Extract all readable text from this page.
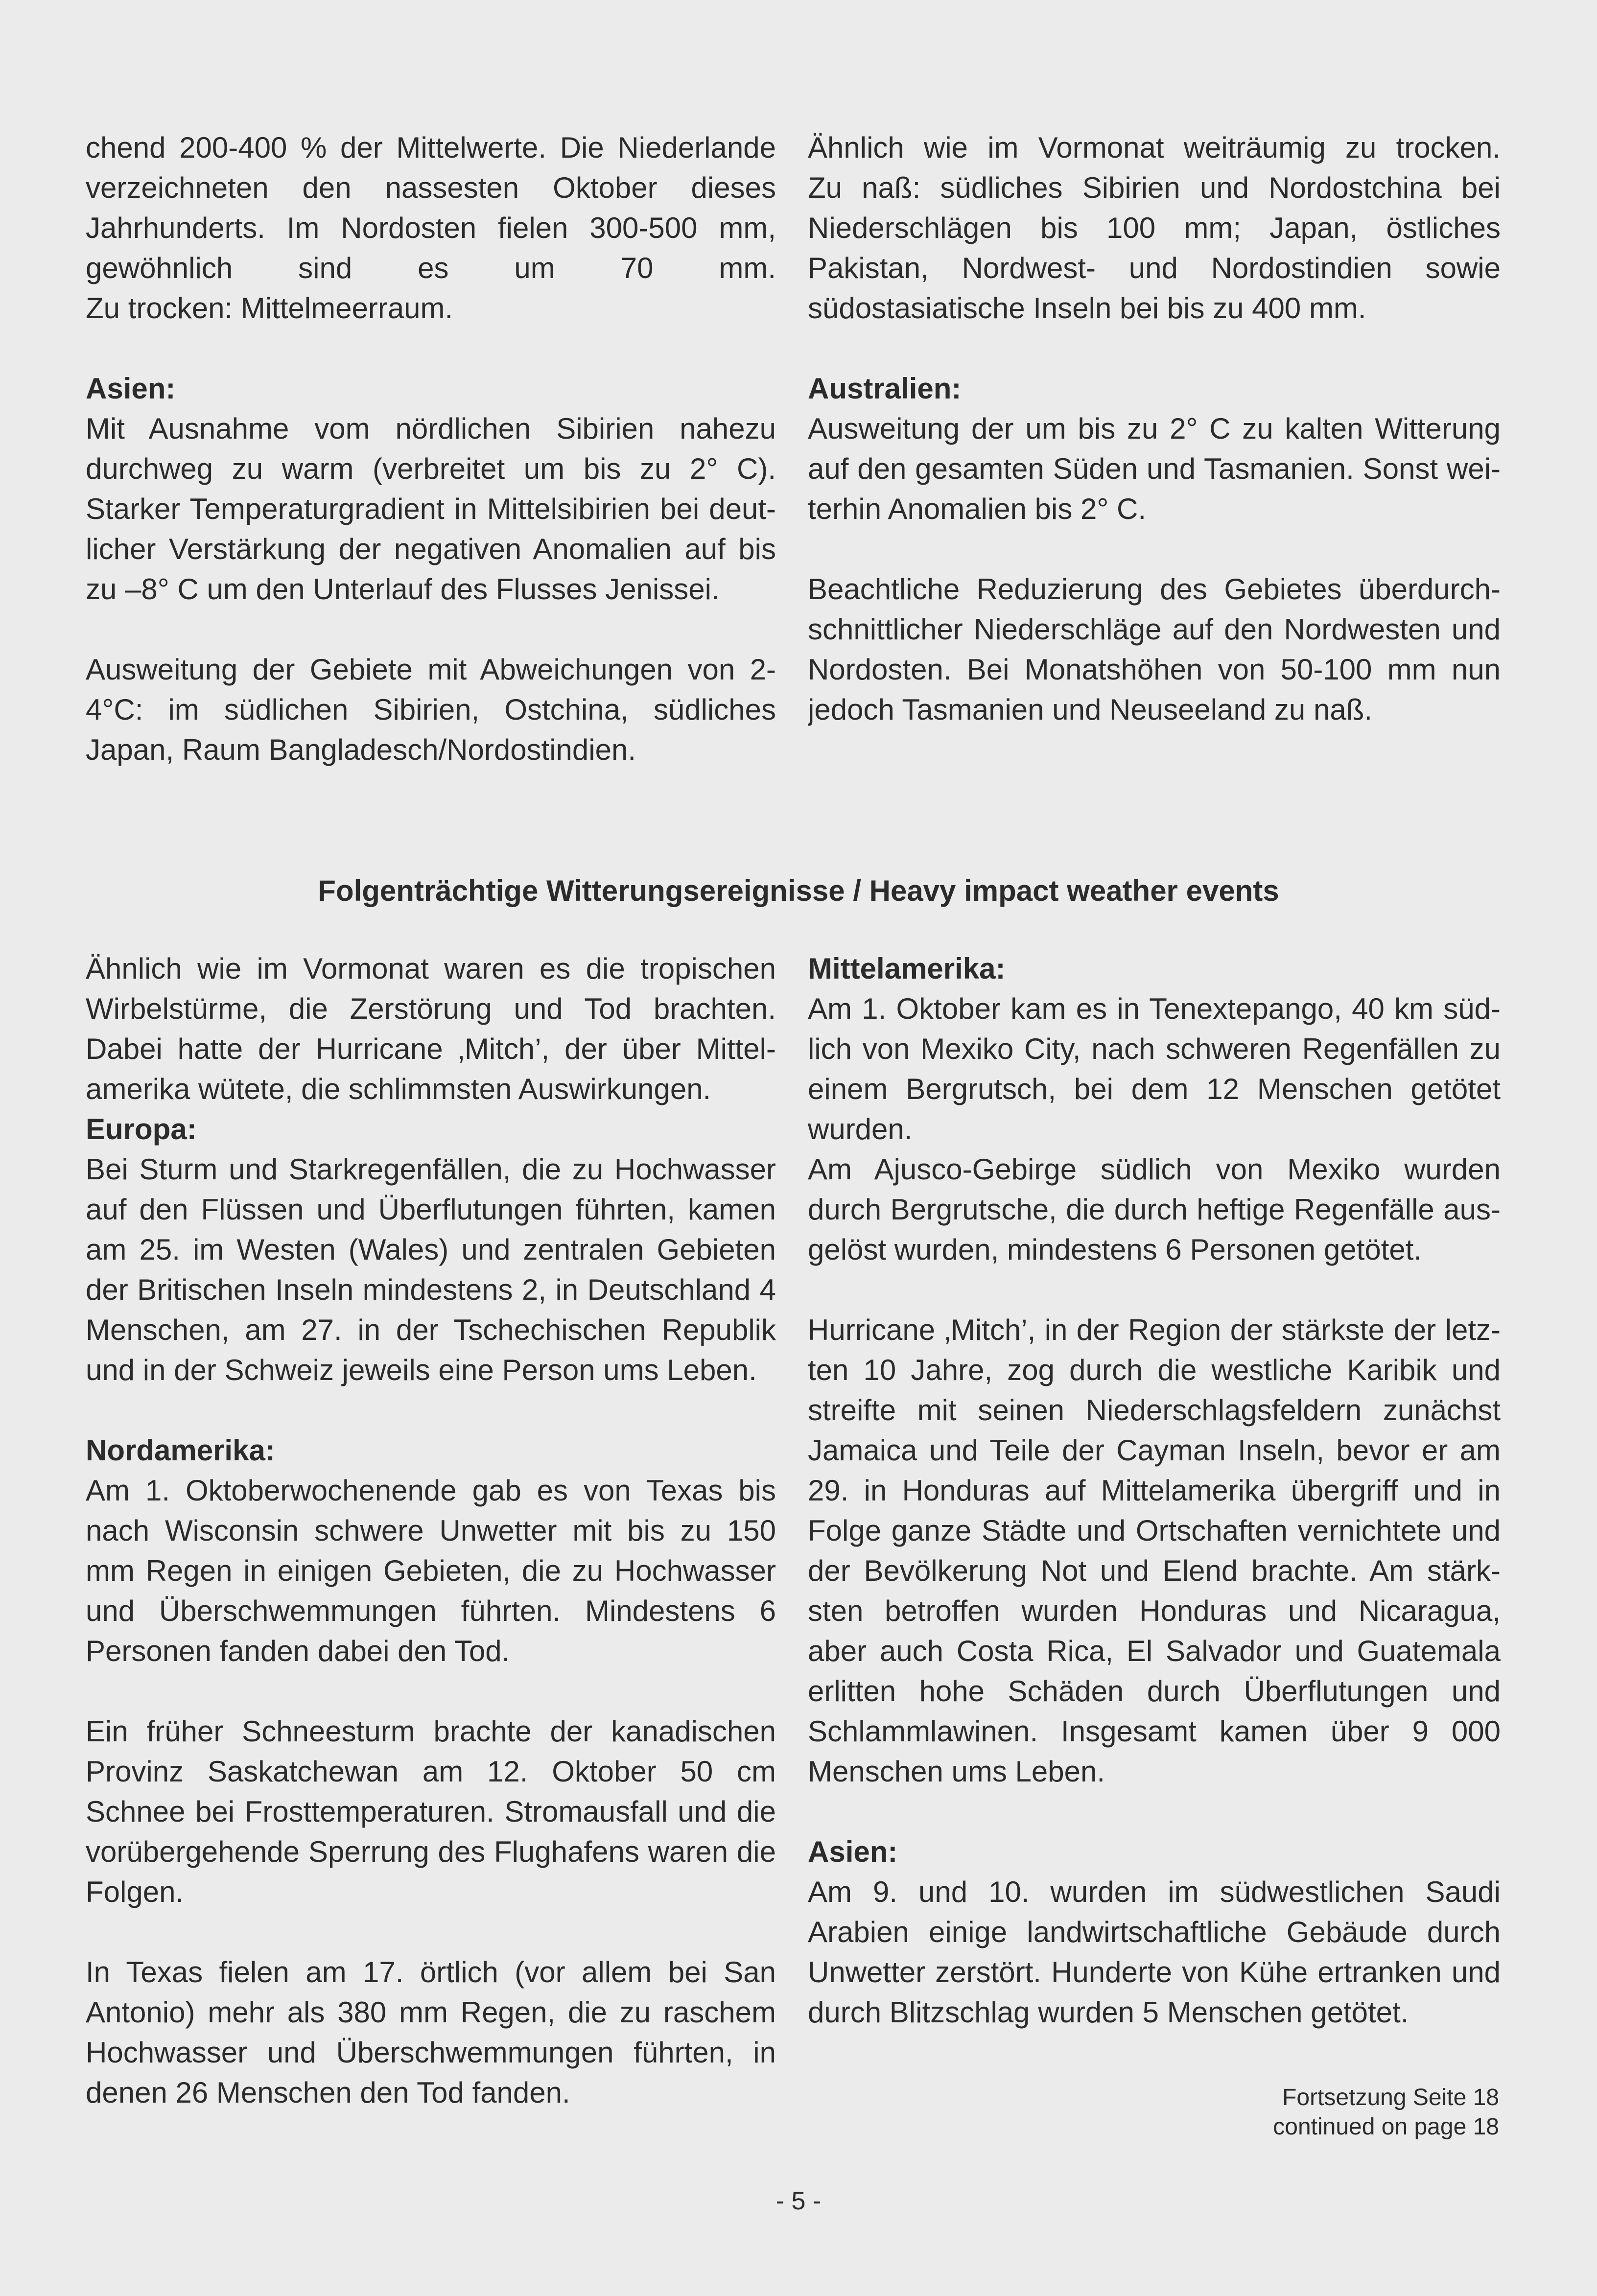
chend 200-400 % der Mittelwerte. Die Niederlande
verzeichneten den nassesten Oktober dieses
Jahrhunderts. Im Nordosten fielen 300-500 mm,
gewöhnlich sind es um 70 mm.
Zu trocken: Mittelmeerraum.
Asien:
Mit Ausnahme vom nördlichen Sibirien nahezu
durchweg zu warm (verbreitet um bis zu 2° C).
Starker Temperaturgradient in Mittelsibirien bei deut-
licher Verstärkung der negativen Anomalien auf bis
zu –8° C um den Unterlauf des Flusses Jenissei.
Ausweitung der Gebiete mit Abweichungen von 2-
4°C: im südlichen Sibirien, Ostchina, südliches
Japan, Raum Bangladesch/Nordostindien.
Ähnlich wie im Vormonat weiträumig zu trocken.
Zu naß: südliches Sibirien und Nordostchina bei
Niederschlägen bis 100 mm; Japan, östliches
Pakistan, Nordwest- und Nordostindien sowie
südostasiatische Inseln bei bis zu 400 mm.
Australien:
Ausweitung der um bis zu 2° C zu kalten Witterung
auf den gesamten Süden und Tasmanien. Sonst wei-
terhin Anomalien bis 2° C.
Beachtliche Reduzierung des Gebietes überdurch-
schnittlicher Niederschläge auf den Nordwesten und
Nordosten. Bei Monatshöhen von 50-100 mm nun
jedoch Tasmanien und Neuseeland zu naß.
Folgenträchtige Witterungsereignisse / Heavy impact weather events
Ähnlich wie im Vormonat waren es die tropischen
Wirbelstürme, die Zerstörung und Tod brachten.
Dabei hatte der Hurricane ‚Mitch’, der über Mittel-
amerika wütete, die schlimmsten Auswirkungen.
Europa:
Bei Sturm und Starkregenfällen, die zu Hochwasser
auf den Flüssen und Überflutungen führten, kamen
am 25. im Westen (Wales) und zentralen Gebieten
der Britischen Inseln mindestens 2, in Deutschland 4
Menschen, am 27. in der Tschechischen Republik
und in der Schweiz jeweils eine Person ums Leben.
Nordamerika:
Am 1. Oktoberwochenende gab es von Texas bis
nach Wisconsin schwere Unwetter mit bis zu 150
mm Regen in einigen Gebieten, die zu Hochwasser
und Überschwemmungen führten. Mindestens 6
Personen fanden dabei den Tod.
Ein früher Schneesturm brachte der kanadischen
Provinz Saskatchewan am 12. Oktober 50 cm
Schnee bei Frosttemperaturen. Stromausfall und die
vorübergehende Sperrung des Flughafens waren die
Folgen.
In Texas fielen am 17. örtlich (vor allem bei San
Antonio) mehr als 380 mm Regen, die zu raschem
Hochwasser und Überschwemmungen führten, in
denen 26 Menschen den Tod fanden.
Mittelamerika:
Am 1. Oktober kam es in Tenextepango, 40 km süd-
lich von Mexiko City, nach schweren Regenfällen zu
einem Bergrutsch, bei dem 12 Menschen getötet
wurden.
Am Ajusco-Gebirge südlich von Mexiko wurden
durch Bergrutsche, die durch heftige Regenfälle aus-
gelöst wurden, mindestens 6 Personen getötet.
Hurricane ‚Mitch’, in der Region der stärkste der letz-
ten 10 Jahre, zog durch die westliche Karibik und
streifte mit seinen Niederschlagsfeldern zunächst
Jamaica und Teile der Cayman Inseln, bevor er am
29. in Honduras auf Mittelamerika übergriff und in
Folge ganze Städte und Ortschaften vernichtete und
der Bevölkerung Not und Elend brachte. Am stärk-
sten betroffen wurden Honduras und Nicaragua,
aber auch Costa Rica, El Salvador und Guatemala
erlitten hohe Schäden durch Überflutungen und
Schlammlawinen. Insgesamt kamen über 9 000
Menschen ums Leben.
Asien:
Am 9. und 10. wurden im südwestlichen Saudi
Arabien einige landwirtschaftliche Gebäude durch
Unwetter zerstört. Hunderte von Kühe ertranken und
durch Blitzschlag wurden 5 Menschen getötet.
Fortsetzung Seite 18
continued on page 18
- 5 -
